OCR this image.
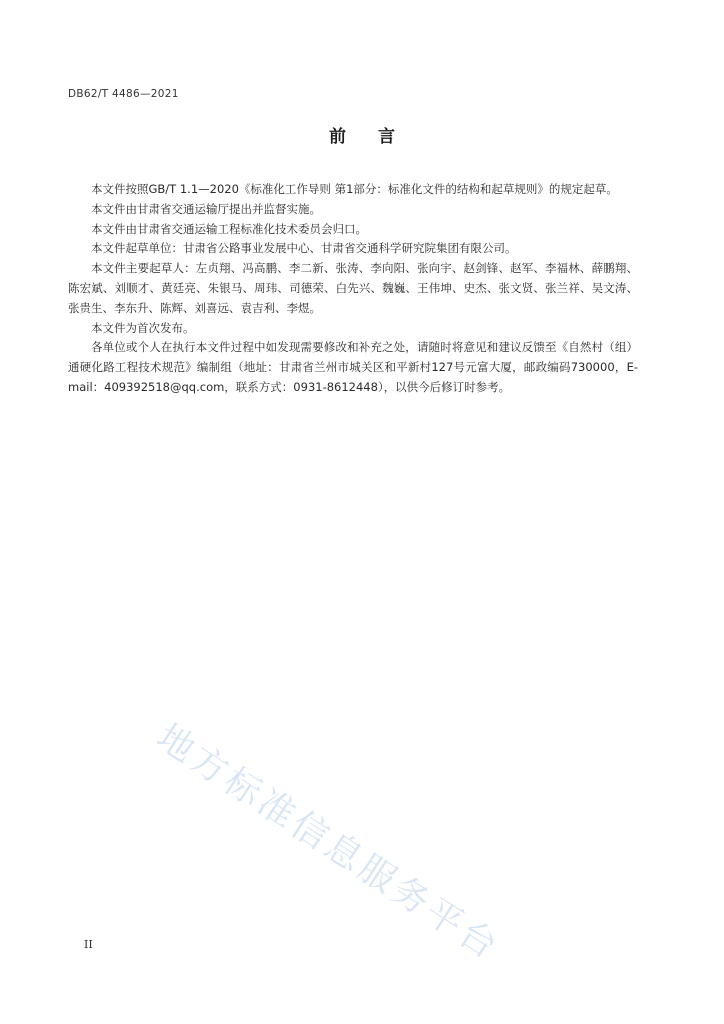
DB62/T 4486—2021
前言

本文件按照GB/T 1.1—2020《标准化工作导则 第1部分：标准化文件的结构和起草规则》的规定起草。

本文件由甘肃省交通运输厅提出并监督实施。

本文件由甘肃省交通运输工程标准化技术委员会归口。

本文件起草单位：甘肃省公路事业发展中心、甘肃省交通科学研究院集团有限公司。

本文件主要起草人：左贞翔、冯高鹏、李二新、张涛、李向阳、张向宇、赵剑锋、赵军、李福林、薛鹏翔、陈宏斌、刘顺才、黄廷亮、朱银马、周玮、司德荣、白先兴、魏巍、王伟坤、史杰、张文贤、张兰祥、吴文涛、张贵生、李东升、陈辉、刘喜远、袁吉利、李煜。

本文件为首次发布。

各单位或个人在执行本文件过程中如发现需要修改和补充之处，请随时将意见和建议反馈至《自然村（组）通硬化路工程技术规范》编制组（地址：甘肃省兰州市城关区和平新村127号元富大厦，邮政编码730000，E-mail：409392518@qq.com，联系方式：0931-8612448），以供今后修订时参考。

地方标准信息服务平台
II
